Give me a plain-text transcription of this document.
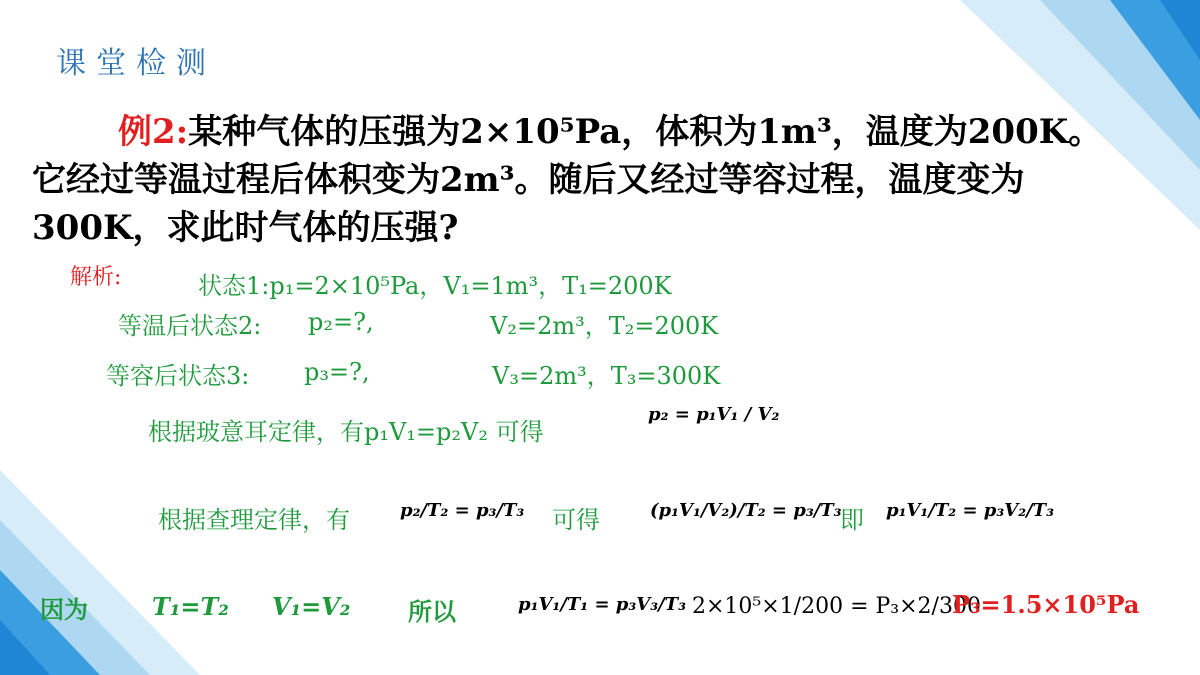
课堂检测
例2:某种气体的压强为2×10⁵Pa，体积为1m³，温度为200K。
它经过等温过程后体积变为2m³。随后又经过等容过程，温度变为
300K，求此时气体的压强?
解析:	状态1:p₁=2×10⁵Pa，V₁=1m³，T₁=200K
等温后状态2: p₂=?,	V₂=2m³，T₂=200K
等容后状态3: p₃=?,	V₃=2m³，T₃=300K
根据玻意耳定律，有p₁V₁=p₂V₂ 可得
p₂ = p₁V₁ / V₂
根据查理定律，有	p₂/T₂ = p₃/T₃ 可得	(p₁V₁/V₂)/T₂ = p₃/T₃
即 p₁V₁/T₂ = p₃V₂/T₃
因为	T₁=T₂ V₁=V₂ 所以	p₁V₁/T₁ = p₃V₃/T₃ 2×10⁵×1/200 = P₃×2/300
P₃=1.5×10⁵Pa
